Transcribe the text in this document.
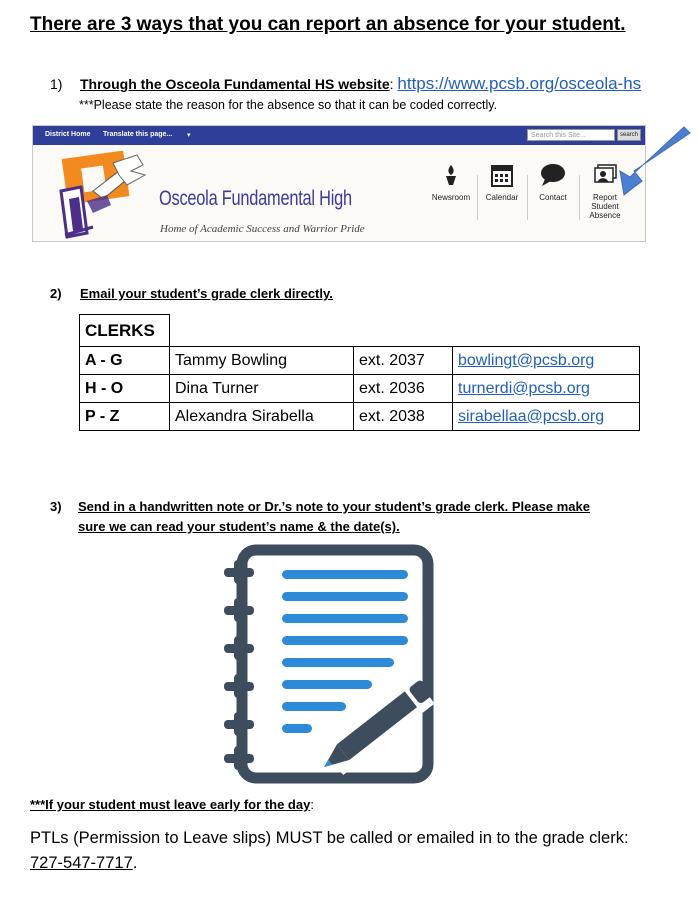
There are 3 ways that you can report an absence for your student.
1) Through the Osceola Fundamental HS website: https://www.pcsb.org/osceola-hs
***Please state the reason for the absence so that it can be coded correctly.
District Home Translate this page... ▾	Search this Site...	search
Osceola Fundamental High
Home of Academic Success and Warrior Pride
Newsroom	Calendar	Contact	Report
Student
Absence
2) Email your student’s grade clerk directly.
CLERKS			
A - G	Tammy Bowling	ext. 2037	bowlingt@pcsb.org
H - O	Dina Turner	ext. 2036	turnerdi@pcsb.org
P - Z	Alexandra Sirabella	ext. 2038	sirabellaa@pcsb.org
3) Send in a handwritten note or Dr.’s note to your student’s grade clerk. Please make
sure we can read your student’s name & the date(s).
***If your student must leave early for the day:
PTLs (Permission to Leave slips) MUST be called or emailed in to the grade clerk:
727-547-7717.
